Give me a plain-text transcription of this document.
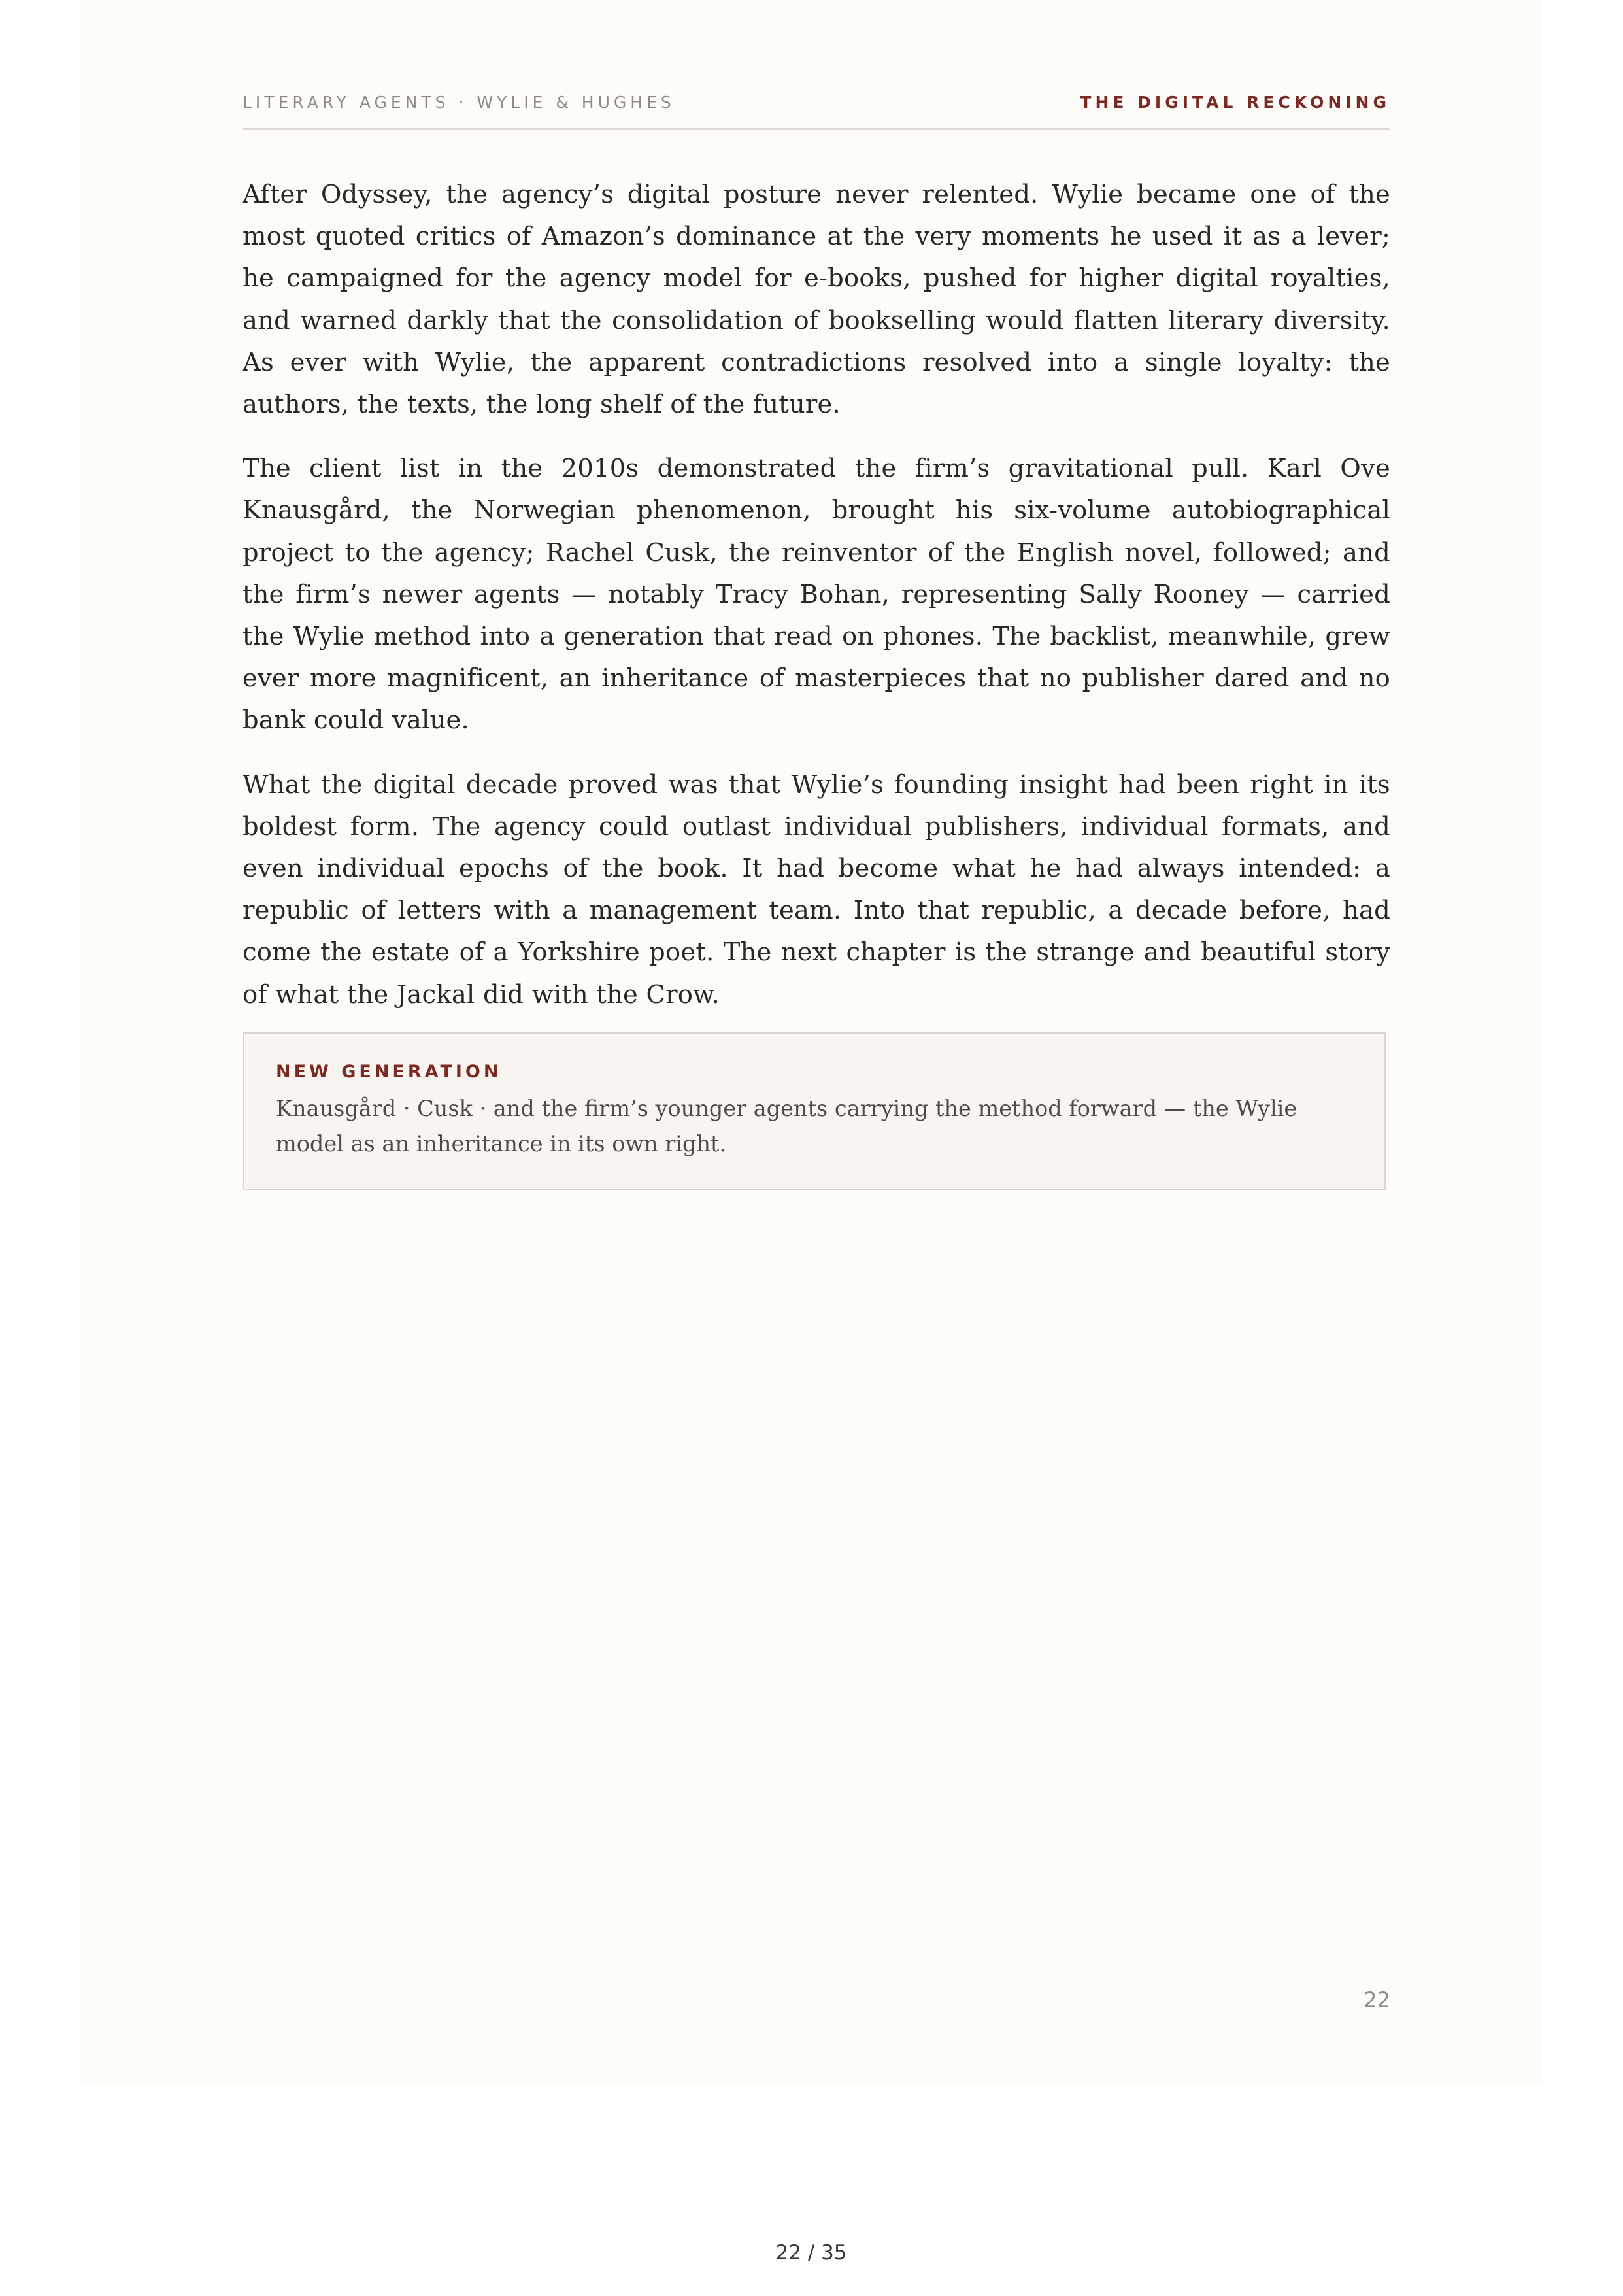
LITERARY AGENTS · WYLIE & HUGHES	THE DIGITAL RECKONING

After Odyssey, the agency’s digital posture never relented. Wylie became one of the most quoted critics of Amazon’s dominance at the very moments he used it as a lever; he campaigned for the agency model for e-books, pushed for higher digital royalties, and warned darkly that the consolidation of bookselling would flatten literary diversity. As ever with Wylie, the apparent contradictions resolved into a single loyalty: the authors, the texts, the long shelf of the future.

The client list in the 2010s demonstrated the firm’s gravitational pull. Karl Ove Knausgård, the Norwegian phenomenon, brought his six-volume autobiographical project to the agency; Rachel Cusk, the reinventor of the English novel, followed; and the firm’s newer agents — notably Tracy Bohan, representing Sally Rooney — carried the Wylie method into a generation that read on phones. The backlist, meanwhile, grew ever more magnificent, an inheritance of masterpieces that no publisher dared and no bank could value.

What the digital decade proved was that Wylie’s founding insight had been right in its boldest form. The agency could outlast individual publishers, individual formats, and even individual epochs of the book. It had become what he had always intended: a republic of letters with a management team. Into that republic, a decade before, had come the estate of a Yorkshire poet. The next chapter is the strange and beautiful story of what the Jackal did with the Crow.

NEW GENERATION

Knausgård · Cusk · and the firm’s younger agents carrying the method forward — the Wylie model as an inheritance in its own right.

22
22 / 35
